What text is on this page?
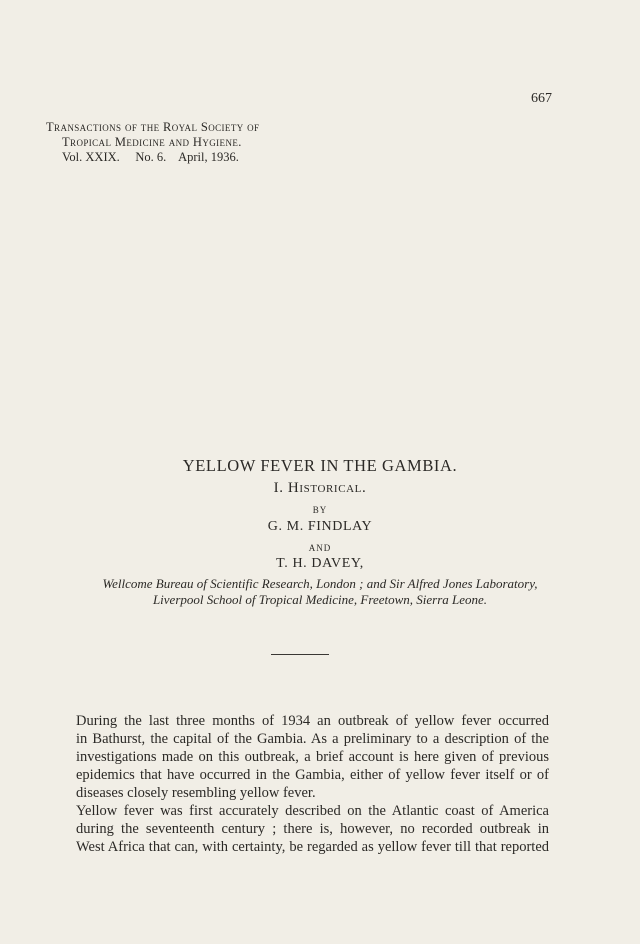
667
Transactions of the Royal Society of
Tropical Medicine and Hygiene.
Vol. XXIX. No. 6. April, 1936.
YELLOW FEVER IN THE GAMBIA.
I. Historical.
BY
G. M. FINDLAY
AND
T. H. DAVEY,
Wellcome Bureau of Scientific Research, London ; and Sir Alfred Jones Laboratory,
Liverpool School of Tropical Medicine, Freetown, Sierra Leone.

During the last three months of 1934 an outbreak of yellow fever occurred
in Bathurst, the capital of the Gambia. As a preliminary to a description of the
investigations made on this outbreak, a brief account is here given of previous
epidemics that have occurred in the Gambia, either of yellow fever itself or of
diseases closely resembling yellow fever.

Yellow fever was first accurately described on the Atlantic coast of America
during the seventeenth century ; there is, however, no recorded outbreak in
West Africa that can, with certainty, be regarded as yellow fever till that reported
